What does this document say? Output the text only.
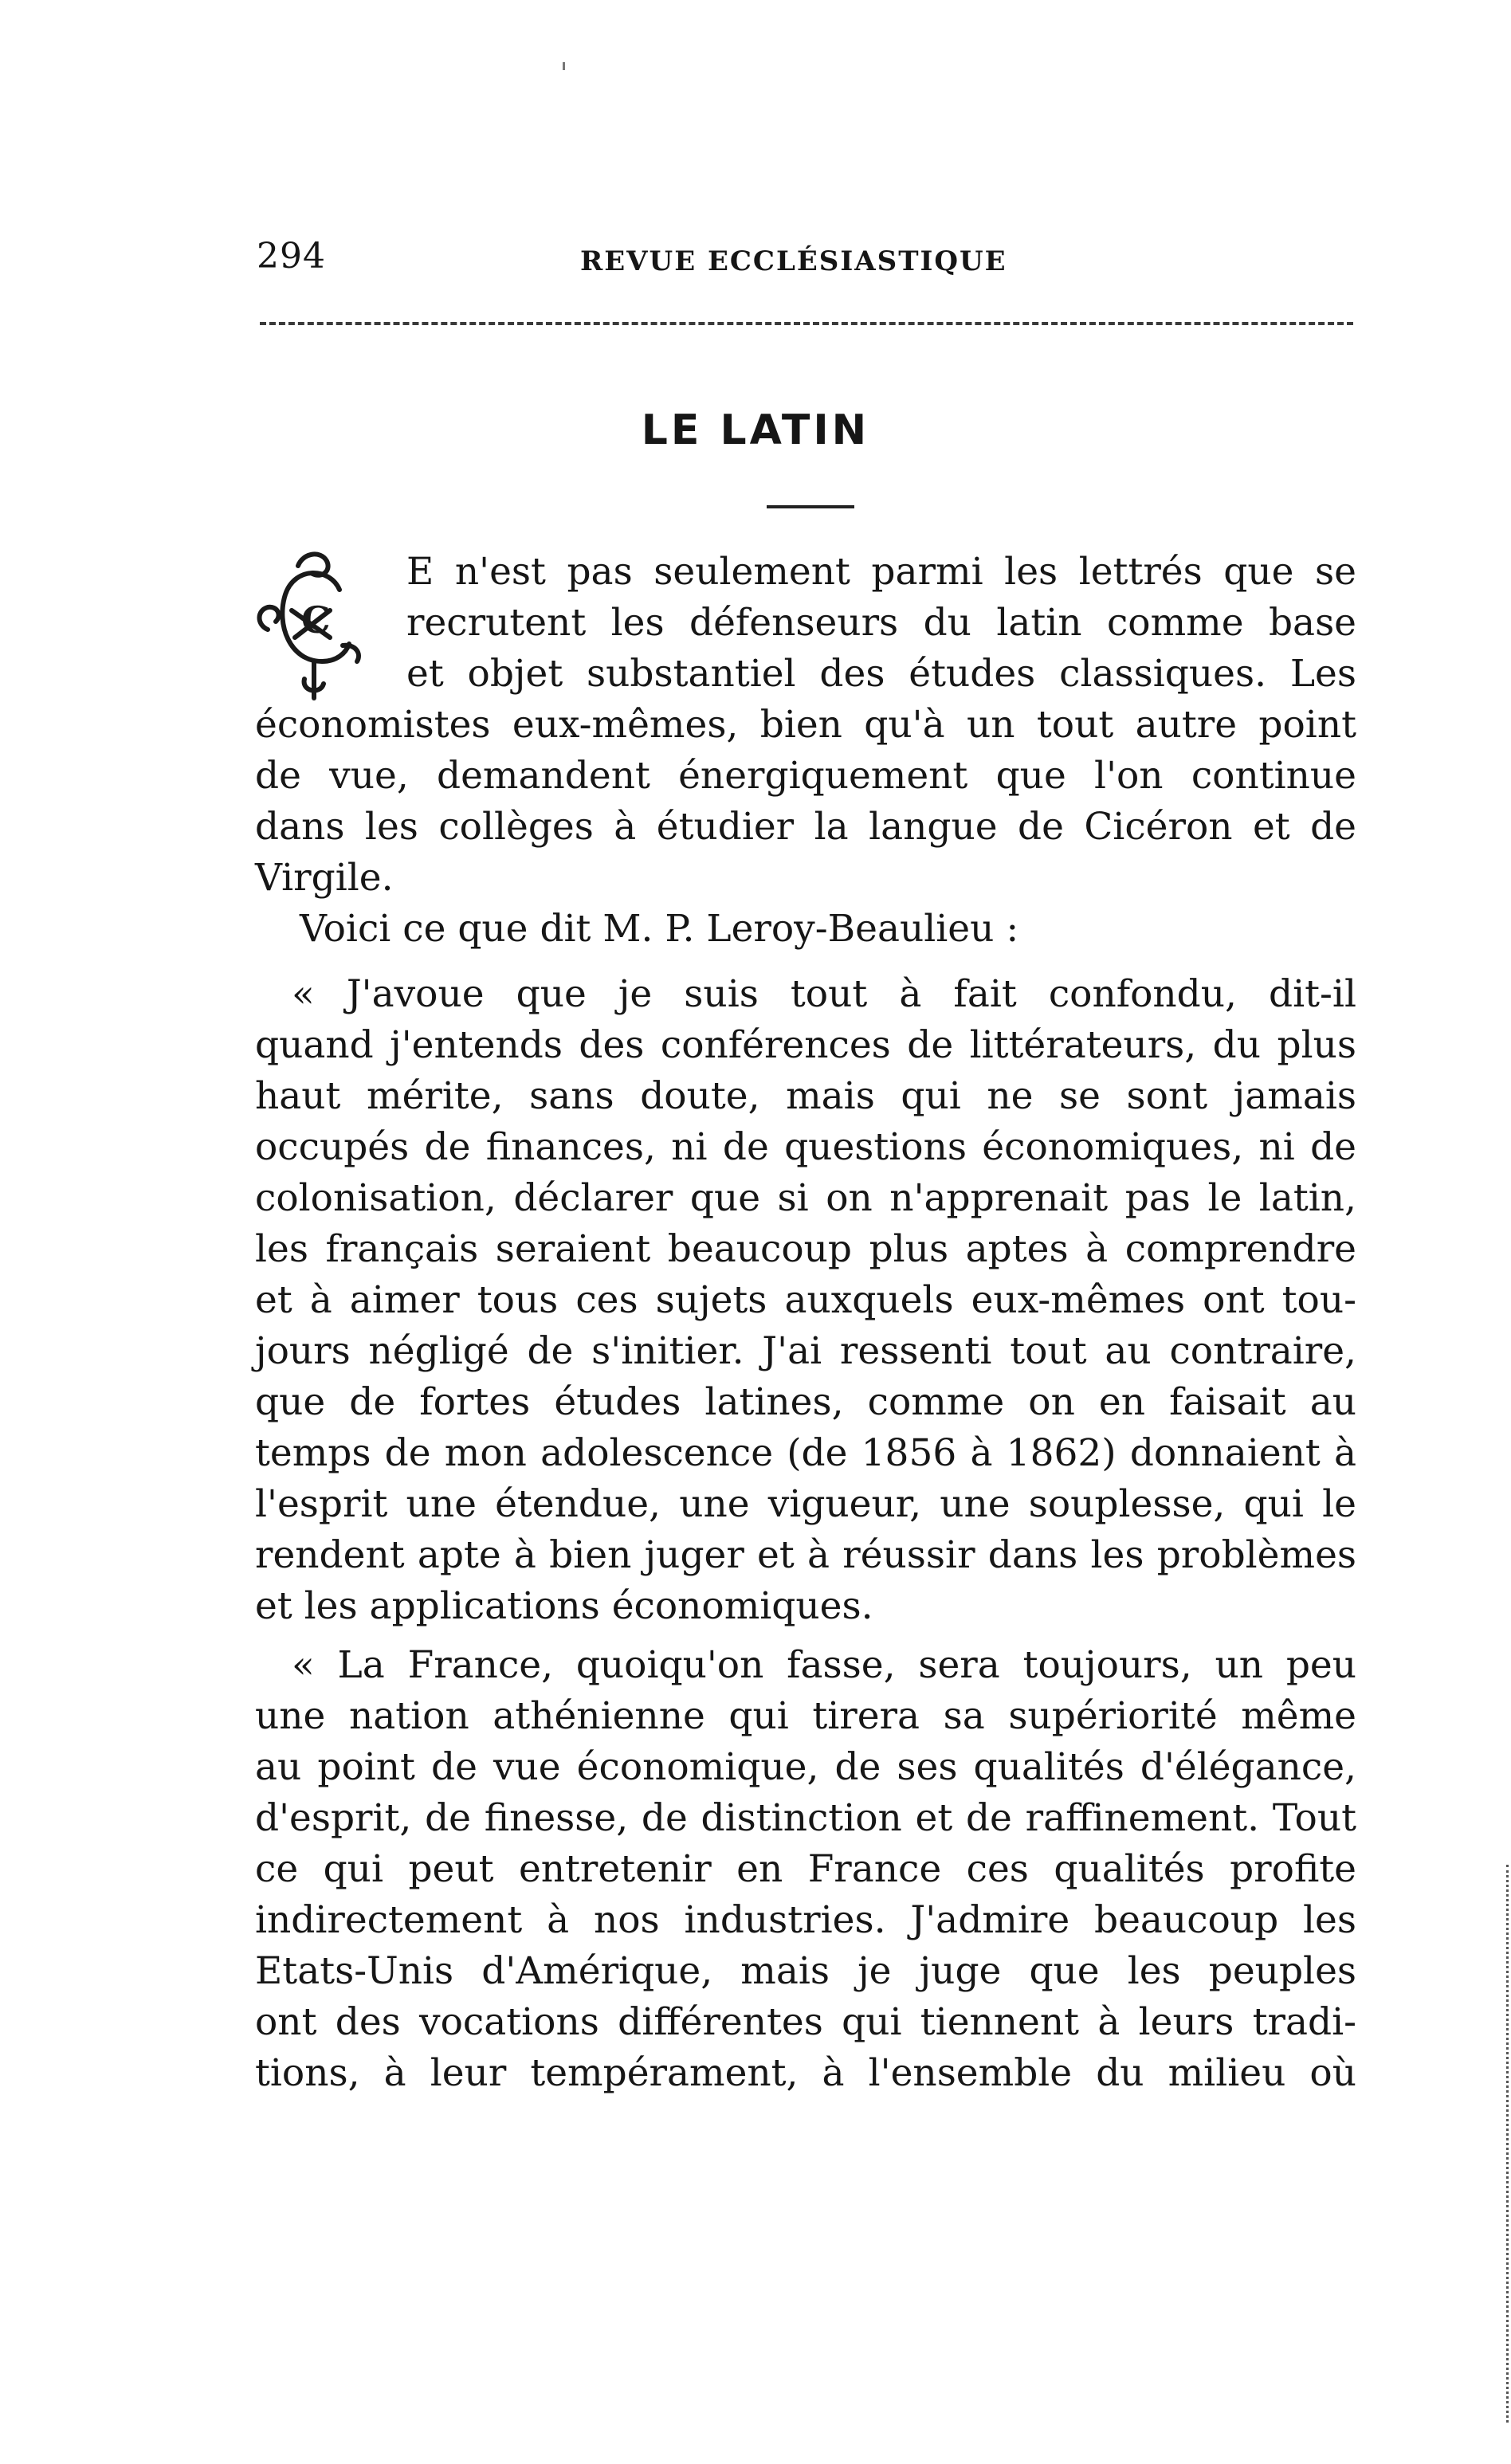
294	REVUE ECCLÉSIASTIQUE
LE LATIN
C
E n'est pas seulement parmi les lettrés que se
recrutent les défenseurs du latin comme base
et objet substantiel des études classiques. Les
économistes eux-mêmes, bien qu'à un tout autre point
de vue, demandent énergiquement que l'on continue
dans les collèges à étudier la langue de Cicéron et de
Virgile.
Voici ce que dit M. P. Leroy-Beaulieu :
« J'avoue que je suis tout à fait confondu, dit-il
quand j'entends des conférences de littérateurs, du plus
haut mérite, sans doute, mais qui ne se sont jamais
occupés de finances, ni de questions économiques, ni de
colonisation, déclarer que si on n'apprenait pas le latin,
les français seraient beaucoup plus aptes à comprendre
et à aimer tous ces sujets auxquels eux-mêmes ont tou-
jours négligé de s'initier. J'ai ressenti tout au contraire,
que de fortes études latines, comme on en faisait au
temps de mon adolescence (de 1856 à 1862) donnaient à
l'esprit une étendue, une vigueur, une souplesse, qui le
rendent apte à bien juger et à réussir dans les problèmes
et les applications économiques.
« La France, quoiqu'on fasse, sera toujours, un peu
une nation athénienne qui tirera sa supériorité même
au point de vue économique, de ses qualités d'élégance,
d'esprit, de finesse, de distinction et de raffinement. Tout
ce qui peut entretenir en France ces qualités profite
indirectement à nos industries. J'admire beaucoup les
Etats-Unis d'Amérique, mais je juge que les peuples
ont des vocations différentes qui tiennent à leurs tradi-
tions, à leur tempérament, à l'ensemble du milieu où
